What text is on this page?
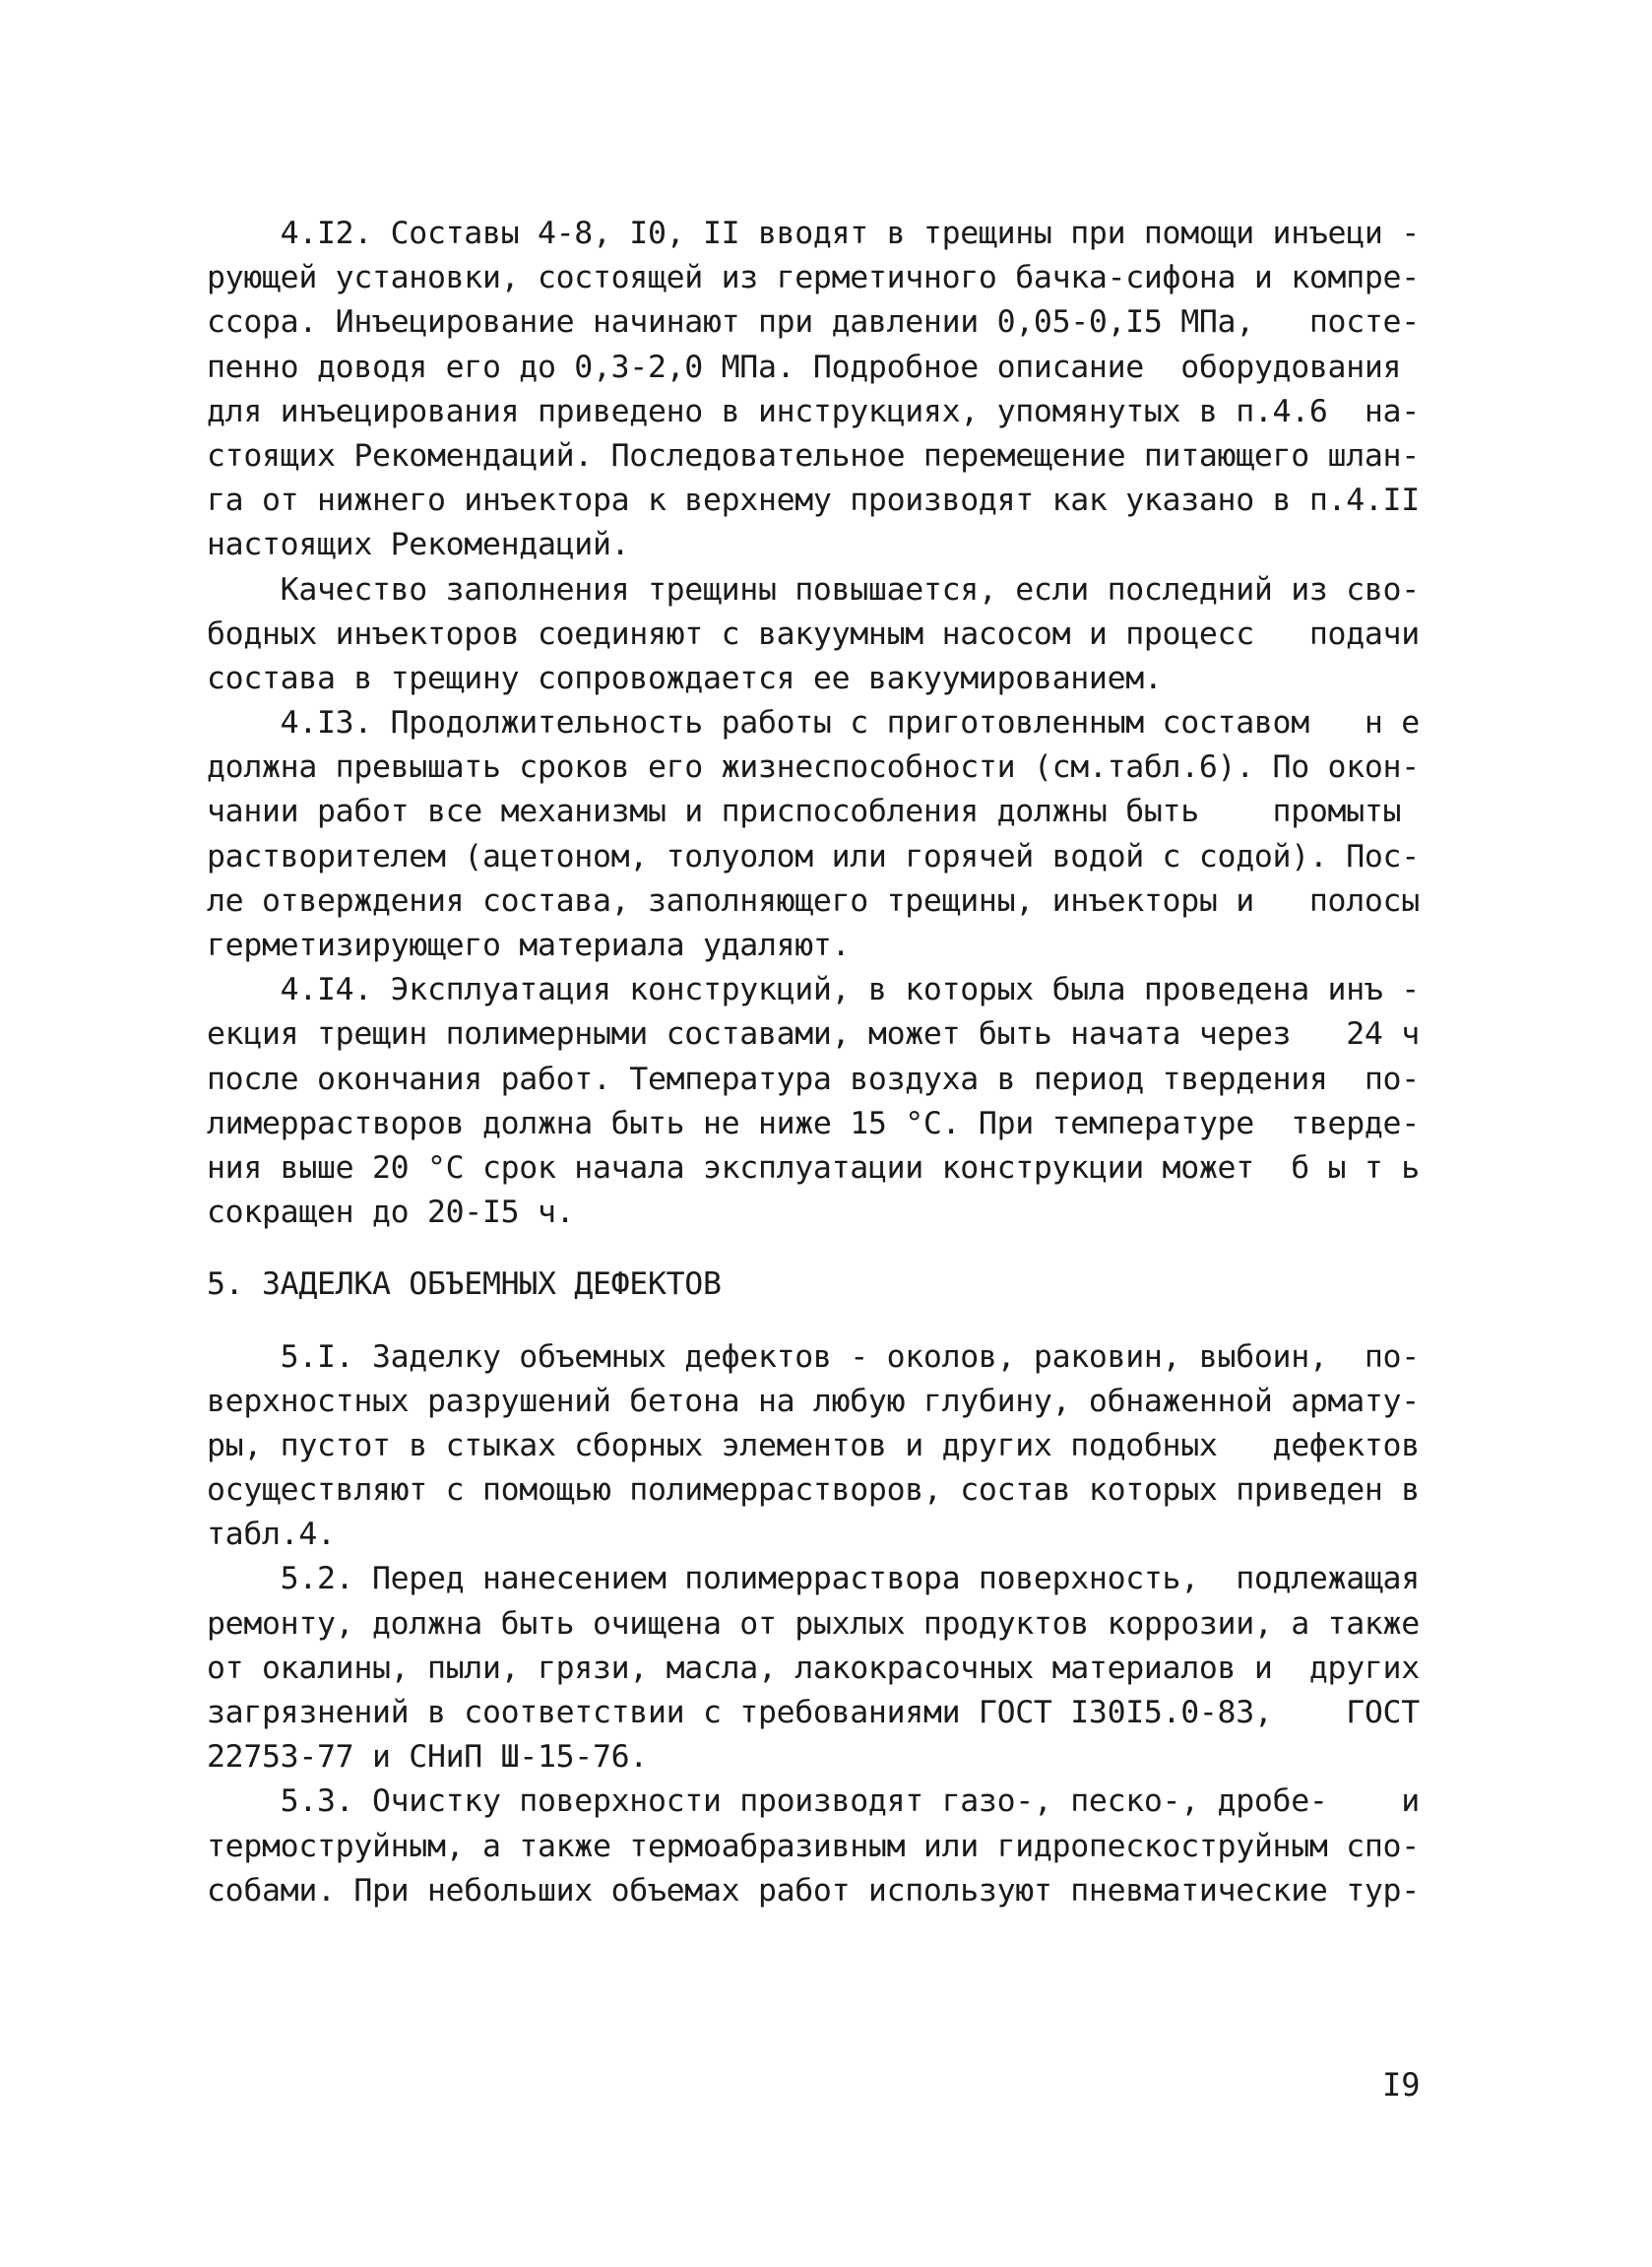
4.I2. Составы 4-8, I0, II вводят в трещины при помощи инъеци -
рующей установки, состоящей из герметичного бачка-сифона и компре-
ссора. Инъецирование начинают при давлении 0,05-0,I5 МПа,   посте-
пенно доводя его до 0,3-2,0 МПа. Подробное описание  оборудования
для инъецирования приведено в инструкциях, упомянутых в п.4.6  на-
стоящих Рекомендаций. Последовательное перемещение питающего шлан-
га от нижнего инъектора к верхнему производят как указано в п.4.II
настоящих Рекомендаций.
Качество заполнения трещины повышается, если последний из сво-
бодных инъекторов соединяют с вакуумным насосом и процесс   подачи
состава в трещину сопровождается ее вакуумированием.
4.I3. Продолжительность работы с приготовленным составом   н е
должна превышать сроков его жизнеспособности (см.табл.6). По окон-
чании работ все механизмы и приспособления должны быть    промыты
растворителем (ацетоном, толуолом или горячей водой с содой). Пос-
ле отверждения состава, заполняющего трещины, инъекторы и   полосы
герметизирующего материала удаляют.
4.I4. Эксплуатация конструкций, в которых была проведена инъ -
екция трещин полимерными составами, может быть начата через   24 ч
после окончания работ. Температура воздуха в период твердения  по-
лимеррастворов должна быть не ниже 15 °С. При температуре  тверде-
ния выше 20 °С срок начала эксплуатации конструкции может  б ы т ь
сокращен до 20-I5 ч.
5. ЗАДЕЛКА ОБЪЕМНЫХ ДЕФЕКТОВ
5.I. Заделку объемных дефектов - околов, раковин, выбоин,  по-
верхностных разрушений бетона на любую глубину, обнаженной армату-
ры, пустот в стыках сборных элементов и других подобных   дефектов
осуществляют с помощью полимеррастворов, состав которых приведен в
табл.4.
5.2. Перед нанесением полимерраствора поверхность,  подлежащая
ремонту, должна быть очищена от рыхлых продуктов коррозии, а также
от окалины, пыли, грязи, масла, лакокрасочных материалов и  других
загрязнений в соответствии с требованиями ГОСТ I30I5.0-83,    ГОСТ
22753-77 и СНиП Ш-15-76.
5.3. Очистку поверхности производят газо-, песко-, дробе-    и
термоструйным, а также термоабразивным или гидропескоструйным спо-
собами. При небольших объемах работ используют пневматические тур-
I9
